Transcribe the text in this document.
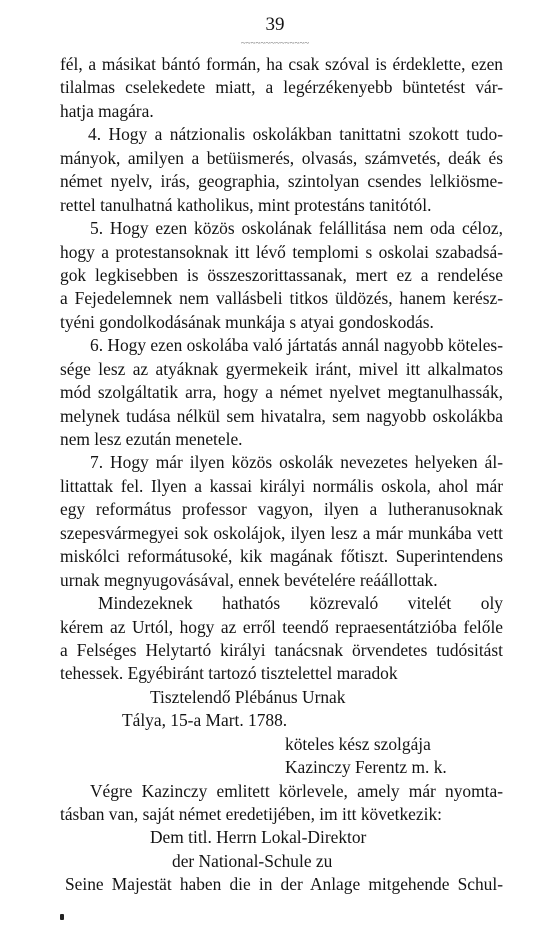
39
fél, a másikat bántó formán, ha csak szóval is érdeklette, ezen
tilalmas cselekedete miatt, a legérzékenyebb büntetést vár-
hatja magára.
4. Hogy a nátzionalis oskolákban tanittatni szokott tudo-
mányok, amilyen a betüismerés, olvasás, számvetés, deák és
német nyelv, irás, geographia, szintolyan csendes lelkiösme-
rettel tanulhatná katholikus, mint protestáns tanitótól.
5. Hogy ezen közös oskolának felállitása nem oda céloz,
hogy a protestansoknak itt lévő templomi s oskolai szabadsá-
gok legkisebben is összeszorittassanak, mert ez a rendelése
a Fejedelemnek nem vallásbeli titkos üldözés, hanem kerész-
tyéni gondolkodásának munkája s atyai gondoskodás.
6. Hogy ezen oskolába való jártatás annál nagyobb köteles-
sége lesz az atyáknak gyermekeik iránt, mivel itt alkalmatos
mód szolgáltatik arra, hogy a német nyelvet megtanulhassák,
melynek tudása nélkül sem hivatalra, sem nagyobb oskolákba
nem lesz ezután menetele.
7. Hogy már ilyen közös oskolák nevezetes helyeken ál-
littattak fel. Ilyen a kassai királyi normális oskola, ahol már
egy református professor vagyon, ilyen a lutheranusoknak
szepesvármegyei sok oskolájok, ilyen lesz a már munkába vett
miskólci reformátusoké, kik magának főtiszt. Superintendens
urnak megnyugovásával, ennek bevételére reáállottak.
Mindezeknek hathatós közrevaló vitelét oly
kérem az Urtól, hogy az erről teendő repraesentátzióba felőle
a Felséges Helytartó királyi tanácsnak örvendetes tudósitást
tehessek. Egyébiránt tartozó tisztelettel maradok
Tisztelendő Plébánus Urnak
Tályа, 15-a Mart. 1788.
köteles kész szolgája
Kazinczy Ferentz m. k.
Végre Kazinczy emlitett körlevele, amely már nyomta-
tásban van, saját német eredetijében, im itt következik:
Dem titl. Herrn Lokal-Direktor
der National-Schule zu
Seine Majestät haben die in der Anlage mitgehende Schul-
